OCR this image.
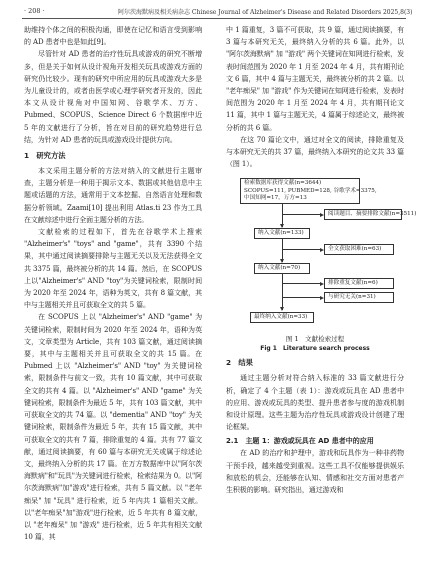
· 208 ·	阿尔茨海默病及相关病杂志 Chinese Journal of Alzheimer's Disease and Related Disorders 2025,8(3)

助维持个体之间的积极沟通，即使在记忆和语言受到影响的 AD 患者中也是如此[9]。

尽管针对 AD 患者的治疗性玩具或游戏的研究不断增多，但是关于如何从设计视角开发相关玩具或游戏方面的研究仍比较少。现有的研究中所应用的玩具或游戏大多是为儿童设计的，或者由医学或心理学研究者开发的，因此本文从设计视角对中国知网、谷歌学术、万方、Pubmed、SCOPUS、Science Direct 6 个数据库中近 5 年的文献进行了分析，旨在对目前的研究趋势进行总结，为针对 AD 患者的玩具或游戏设计提供方向。

1　研究方法

本文采用主题分析的方法对纳入的文献进行主题审查，主题分析是一种用于揭示文本、数据或其他信息中主题或话题的方法，通常用于文本挖掘、自然语言处理和数据分析领域。Zaami[10] 提出利用 Atlas.ti 23 作为工具在文献综述中进行全面主题分析的方法。

文献检索的过程如下，首先在谷歌学术上搜索 "Alzheimer's" "toys" and "game"，共有 3390 个结果，其中通过阅读摘要排除与主题无关以及无法获得全文共 3375 篇，最终被分析的共 14 篇。然后，在 SCOPUS 上以"Alzheimer's" AND "toy"为关键词检索，限制时间为 2020 年至 2024 年，语种为英文，共有 8 篇文献，其中与主题相关并且可获取全文的共 5 篇。

在 SCOPUS 上以 "Alzheimer's" AND "game" 为关键词检索，限制时间为 2020 年至 2024 年，语种为英文，文章类型为 Article，共有 103 篇文献，通过阅读摘要，其中与主题相关并且可获取全文的共 15 篇。在 Pubmed 上以 "Alzheimer's" AND "toy" 为关键词检索，限制条件与前文一致，共有 10 篇文献，其中可获取全文的共有 4 篇。以 "Alzheimer's" AND "game" 为关键词检索，限制条件为最近 5 年，共有 103 篇文献，其中可获取全文的共 74 篇。以 "dementia" AND "toy" 为关键词检索，限制条件为最近 5 年，共有 15 篇文献，其中可获取全文的共有 7 篇，排除重复的 4 篇。共有 77 篇文献，通过阅读摘要，有 60 篇与本研究无关或属于综述论文，最终纳入分析的共 17 篇。在万方数据库中以"阿尔茨海默病"和"玩具"为关键词进行检索，检索结果为 0。以"阿尔茨海默病"加"游戏"进行检索，共有 5 篇文献。以 "老年痴呆" 加 "玩具" 进行检索，近 5 年内共 1 篇相关文献。以"老年痴呆"加"游戏"进行检索，近 5 年共有 8 篇文献，以 "老年痴呆" 加 "游戏" 进行检索，近 5 年共有相关文献 10 篇，其

中 1 篇重复，3 篇不可获取，共 9 篇，通过阅读摘要，有 3 篇与本研究无关，最终纳入分析的共 6 篇。此外，以 "阿尔茨海默病" 加 "游戏" 两个关键词在知网进行检索，发表时间范围为 2020 年 1 月至 2024 年 4 月，共有期刊论文 6 篇，其中 4 篇与主题无关，最终被分析的共 2 篇。以 "老年痴呆" 加 "游戏" 作为关键词在知网进行检索，发表时间范围为 2020 年 1 月至 2024 年 4 月，共有期刊论文 11 篇，其中 1 篇与主题无关，4 篇属于综述论文，最终被分析的共 6 篇。

在这 70 篇论文中，通过对全文的阅读，排除重复及与本研究无关的共 37 篇，最终纳入本研究的论文共 33 篇（图 1）。

检索数据库获得文献(n=3644)
SCOPUS=111, PUBMED=128, 谷歌学术=3375,
中国知网=17，万方=13
阅读题目、摘要排除文献(n=3511)
纳入文献(n=133)
全文获取困难(n=63)
纳入文献(n=70)
排除重复文献(n=6)
与研究无关(n=31)
最终纳入文献(n=33)
图 1　文献检索过程
Fig 1　Literature search process
2　结果

通过主题分析对符合纳入标准的 33 篇文献进行分析，确定了 4 个主题（表 1）：游戏或玩具在 AD 患者中的应用、游戏或玩具的类型、提升患者参与度的游戏机制和设计原理。这些主题为治疗性玩具或游戏设计创建了理论框架。

2.1　主题 1：游戏或玩具在 AD 患者中的应用

在 AD 的治疗和护理中，游戏和玩具作为一种非药物干预手段，越来越受到重视。这些工具不仅能够提供娱乐和放松的机会，还能够在认知、情感和社交方面对患者产生积极的影响。研究指出，通过游戏和
